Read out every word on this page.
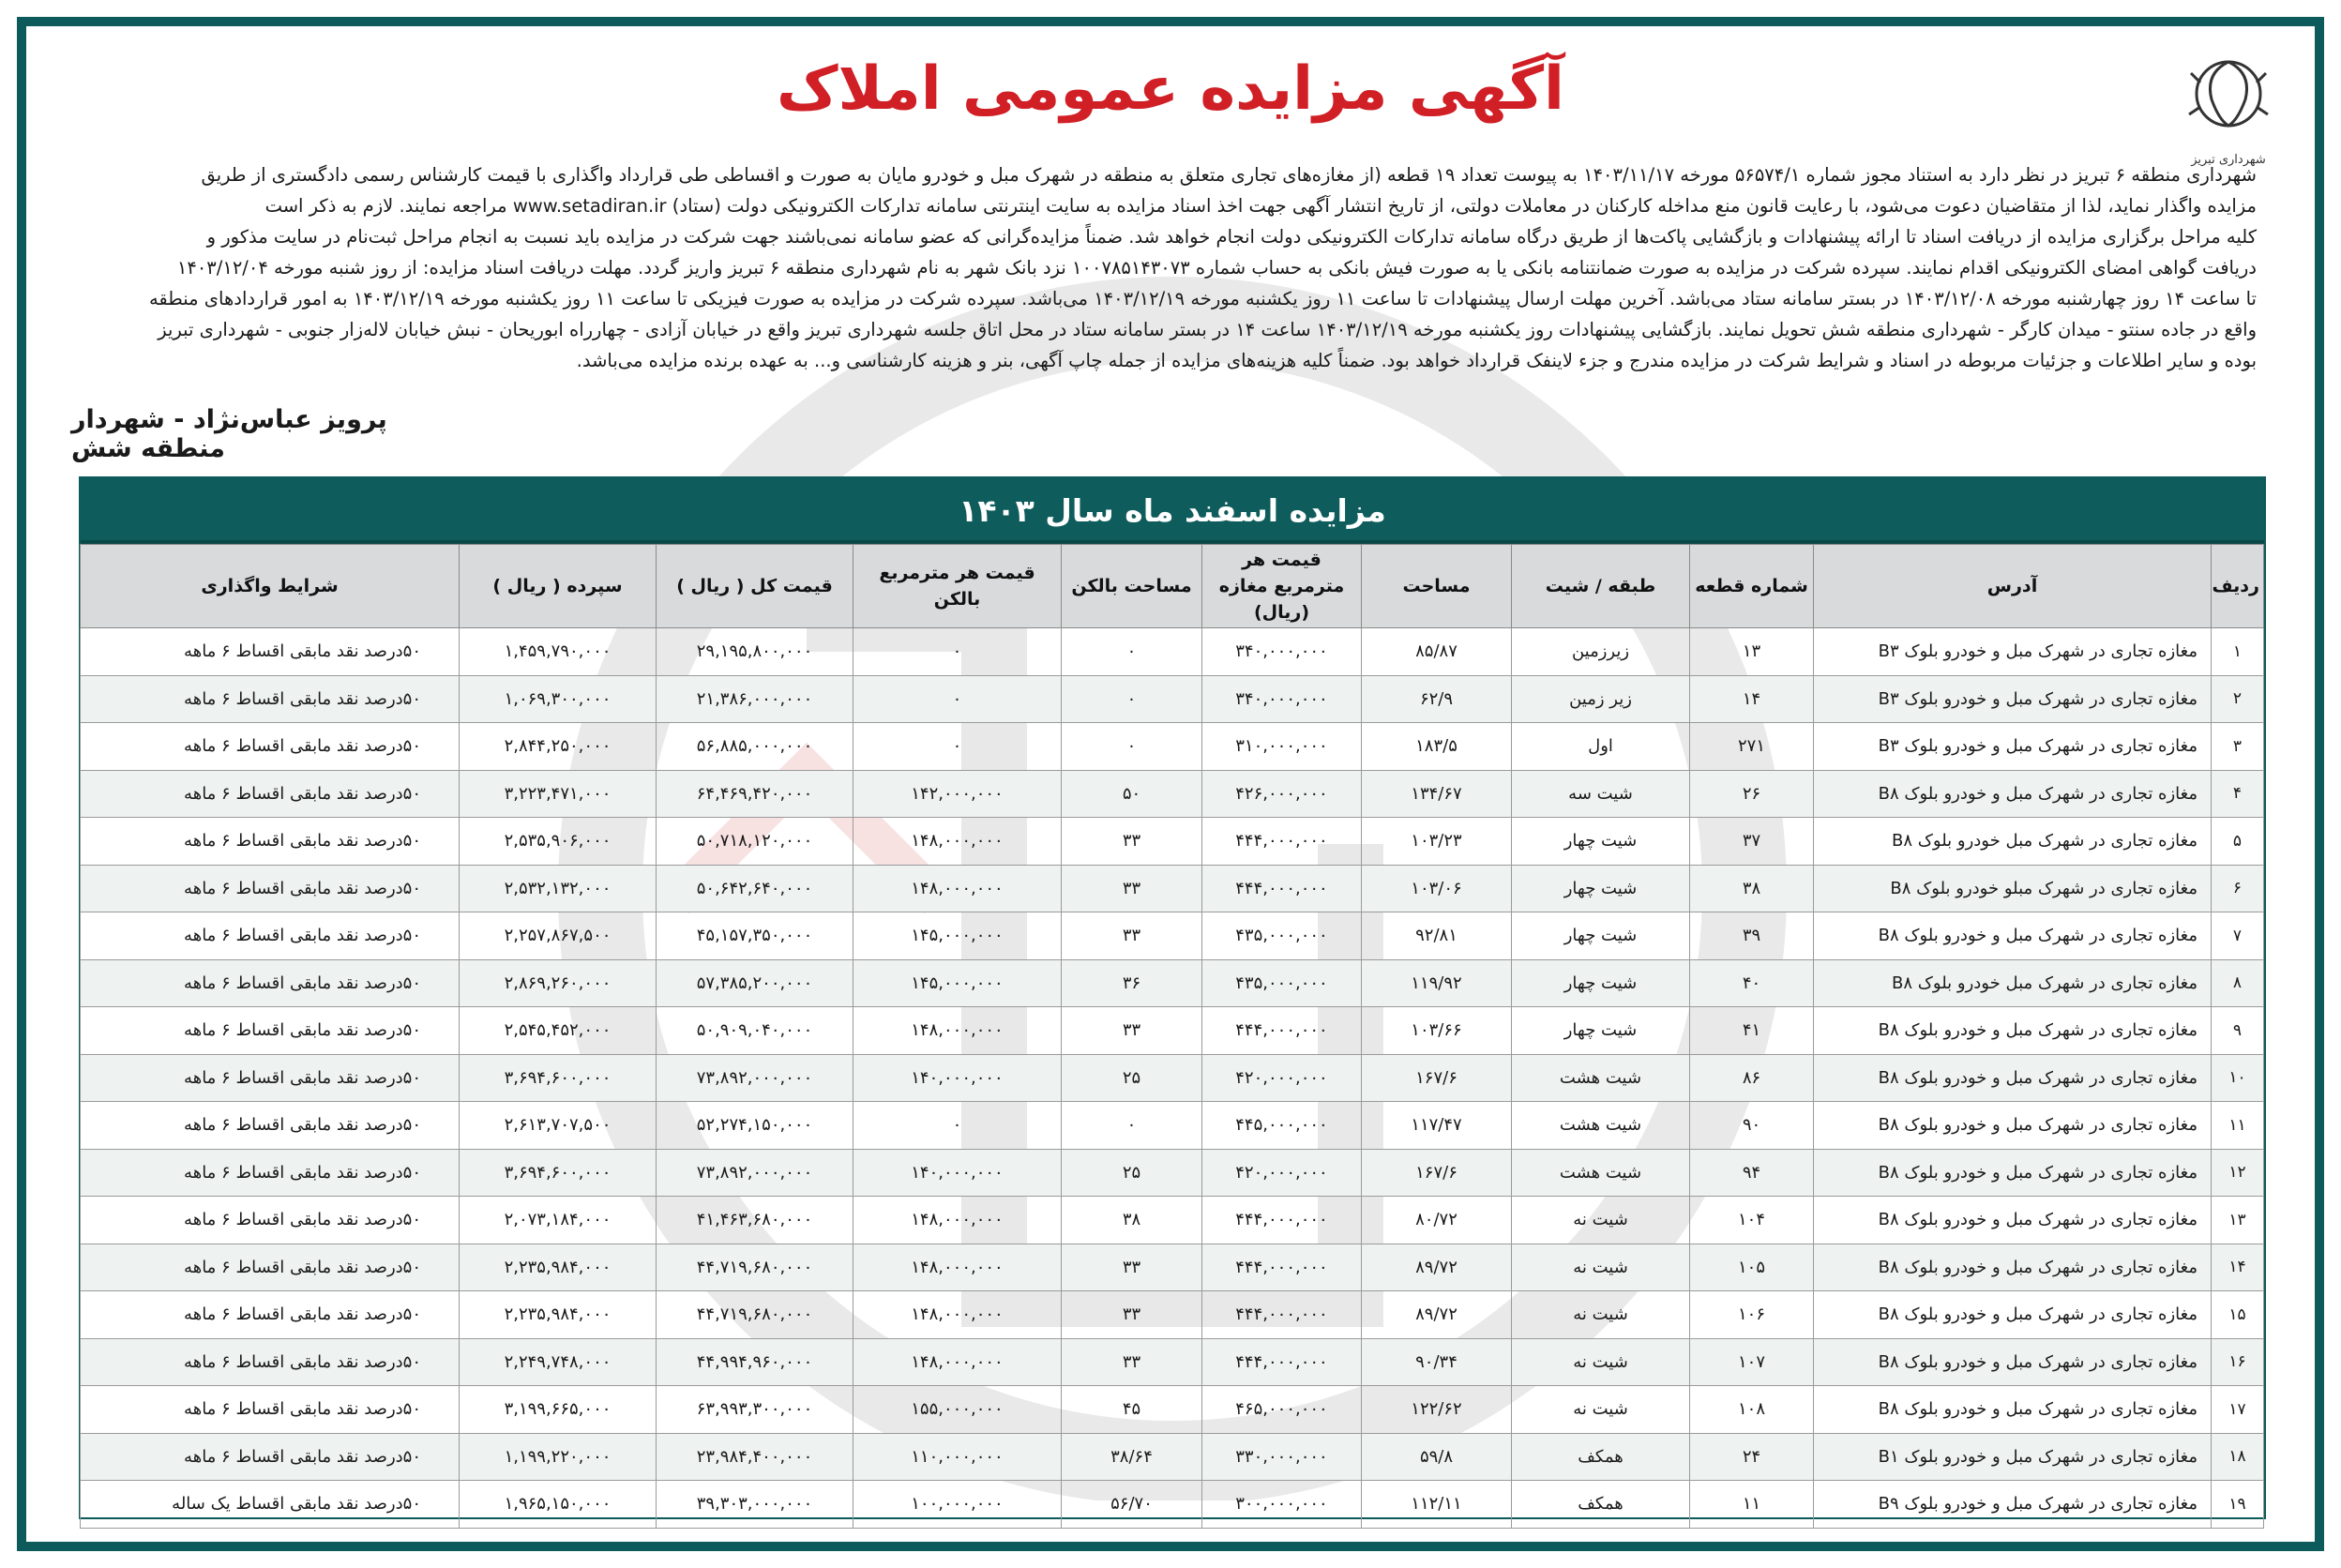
شهرداری تبریز
آگهی مزایده عمومی املاک
شهرداری منطقه ۶ تبریز در نظر دارد به استناد مجوز شماره ۵۶۵۷۴/۱ مورخه ۱۴۰۳/۱۱/۱۷ به پیوست تعداد ۱۹ قطعه (از مغازه‌های تجاری متعلق به منطقه در شهرک مبل و خودرو مایان به صورت و اقساطی طی قرارداد واگذاری با قیمت کارشناس رسمی دادگستری از طریق
مزایده واگذار نماید، لذا از متقاضیان دعوت می‌شود، با رعایت قانون منع مداخله کارکنان در معاملات دولتی، از تاریخ انتشار آگهی جهت اخذ اسناد مزایده به سایت اینترنتی سامانه تدارکات الکترونیکی دولت (ستاد) www.setadiran.ir مراجعه نمایند. لازم به ذکر است
کلیه مراحل برگزاری مزایده از دریافت اسناد تا ارائه پیشنهادات و بازگشایی پاکت‌ها از طریق درگاه سامانه تدارکات الکترونیکی دولت انجام خواهد شد. ضمناً مزایده‌گرانی که عضو سامانه نمی‌باشند جهت شرکت در مزایده باید نسبت به انجام مراحل ثبت‌نام در سایت مذکور و
دریافت گواهی امضای الکترونیکی اقدام نمایند. سپرده شرکت در مزایده به صورت ضمانتنامه بانکی یا به صورت فیش بانکی به حساب شماره ۱۰۰۷۸۵۱۴۳۰۷۳ نزد بانک شهر به نام شهرداری منطقه ۶ تبریز واریز گردد. مهلت دریافت اسناد مزایده: از روز شنبه مورخه ۱۴۰۳/۱۲/۰۴
تا ساعت ۱۴ روز چهارشنبه مورخه ۱۴۰۳/۱۲/۰۸ در بستر سامانه ستاد می‌باشد. آخرین مهلت ارسال پیشنهادات تا ساعت ۱۱ روز یکشنبه مورخه ۱۴۰۳/۱۲/۱۹ می‌باشد. سپرده شرکت در مزایده به صورت فیزیکی تا ساعت ۱۱ روز یکشنبه مورخه ۱۴۰۳/۱۲/۱۹ به امور قراردادهای منطقه
واقع در جاده سنتو - میدان کارگر - شهرداری منطقه شش تحویل نمایند. بازگشایی پیشنهادات روز یکشنبه مورخه ۱۴۰۳/۱۲/۱۹ ساعت ۱۴ در بستر سامانه ستاد در محل اتاق جلسه شهرداری تبریز واقع در خیابان آزادی - چهارراه ابوریحان - نبش خیابان لاله‌زار جنوبی - شهرداری تبریز
بوده و سایر اطلاعات و جزئیات مربوطه در اسناد و شرایط شرکت در مزایده مندرج و جزء لاینفک قرارداد خواهد بود. ضمناً کلیه هزینه‌های مزایده از جمله چاپ آگهی، بنر و هزینه کارشناسی و... به عهده برنده مزایده می‌باشد.
پرویز عباس‌نژاد - شهردار منطقه شش
مزایده اسفند ماه سال ۱۴۰۳
ردیف	آدرس	شماره قطعه	طبقه / شیت	مساحت	قیمت هر مترمربع مغازه (ریال)	مساحت بالکن	قیمت هر مترمربع بالکن	قیمت کل ( ریال )	سپرده ( ریال )	شرایط واگذاری
۱	مغازه تجاری در شهرک مبل و خودرو بلوک B۳	۱۳	زیرزمین	۸۵/۸۷	۳۴۰,۰۰۰,۰۰۰	۰	۰	۲۹,۱۹۵,۸۰۰,۰۰۰	۱,۴۵۹,۷۹۰,۰۰۰	۵۰درصد نقد مابقی اقساط ۶ ماهه
۲	مغازه تجاری در شهرک مبل و خودرو بلوک B۳	۱۴	زیر زمین	۶۲/۹	۳۴۰,۰۰۰,۰۰۰	۰	۰	۲۱,۳۸۶,۰۰۰,۰۰۰	۱,۰۶۹,۳۰۰,۰۰۰	۵۰درصد نقد مابقی اقساط ۶ ماهه
۳	مغازه تجاری در شهرک مبل و خودرو بلوک B۳	۲۷۱	اول	۱۸۳/۵	۳۱۰,۰۰۰,۰۰۰	۰	۰	۵۶,۸۸۵,۰۰۰,۰۰۰	۲,۸۴۴,۲۵۰,۰۰۰	۵۰درصد نقد مابقی اقساط ۶ ماهه
۴	مغازه تجاری در شهرک مبل و خودرو بلوک B۸	۲۶	شیت سه	۱۳۴/۶۷	۴۲۶,۰۰۰,۰۰۰	۵۰	۱۴۲,۰۰۰,۰۰۰	۶۴,۴۶۹,۴۲۰,۰۰۰	۳,۲۲۳,۴۷۱,۰۰۰	۵۰درصد نقد مابقی اقساط ۶ ماهه
۵	مغازه تجاری در شهرک مبل خودرو بلوک B۸	۳۷	شیت چهار	۱۰۳/۲۳	۴۴۴,۰۰۰,۰۰۰	۳۳	۱۴۸,۰۰۰,۰۰۰	۵۰,۷۱۸,۱۲۰,۰۰۰	۲,۵۳۵,۹۰۶,۰۰۰	۵۰درصد نقد مابقی اقساط ۶ ماهه
۶	مغازه تجاری در شهرک مبلو خودرو بلوک B۸	۳۸	شیت چهار	۱۰۳/۰۶	۴۴۴,۰۰۰,۰۰۰	۳۳	۱۴۸,۰۰۰,۰۰۰	۵۰,۶۴۲,۶۴۰,۰۰۰	۲,۵۳۲,۱۳۲,۰۰۰	۵۰درصد نقد مابقی اقساط ۶ ماهه
۷	مغازه تجاری در شهرک مبل و خودرو بلوک B۸	۳۹	شیت چهار	۹۲/۸۱	۴۳۵,۰۰۰,۰۰۰	۳۳	۱۴۵,۰۰۰,۰۰۰	۴۵,۱۵۷,۳۵۰,۰۰۰	۲,۲۵۷,۸۶۷,۵۰۰	۵۰درصد نقد مابقی اقساط ۶ ماهه
۸	مغازه تجاری در شهرک مبل خودرو بلوک B۸	۴۰	شیت چهار	۱۱۹/۹۲	۴۳۵,۰۰۰,۰۰۰	۳۶	۱۴۵,۰۰۰,۰۰۰	۵۷,۳۸۵,۲۰۰,۰۰۰	۲,۸۶۹,۲۶۰,۰۰۰	۵۰درصد نقد مابقی اقساط ۶ ماهه
۹	مغازه تجاری در شهرک مبل و خودرو بلوک B۸	۴۱	شیت چهار	۱۰۳/۶۶	۴۴۴,۰۰۰,۰۰۰	۳۳	۱۴۸,۰۰۰,۰۰۰	۵۰,۹۰۹,۰۴۰,۰۰۰	۲,۵۴۵,۴۵۲,۰۰۰	۵۰درصد نقد مابقی اقساط ۶ ماهه
۱۰	مغازه تجاری در شهرک مبل و خودرو بلوک B۸	۸۶	شیت هشت	۱۶۷/۶	۴۲۰,۰۰۰,۰۰۰	۲۵	۱۴۰,۰۰۰,۰۰۰	۷۳,۸۹۲,۰۰۰,۰۰۰	۳,۶۹۴,۶۰۰,۰۰۰	۵۰درصد نقد مابقی اقساط ۶ ماهه
۱۱	مغازه تجاری در شهرک مبل و خودرو بلوک B۸	۹۰	شیت هشت	۱۱۷/۴۷	۴۴۵,۰۰۰,۰۰۰	۰	۰	۵۲,۲۷۴,۱۵۰,۰۰۰	۲,۶۱۳,۷۰۷,۵۰۰	۵۰درصد نقد مابقی اقساط ۶ ماهه
۱۲	مغازه تجاری در شهرک مبل و خودرو بلوک B۸	۹۴	شیت هشت	۱۶۷/۶	۴۲۰,۰۰۰,۰۰۰	۲۵	۱۴۰,۰۰۰,۰۰۰	۷۳,۸۹۲,۰۰۰,۰۰۰	۳,۶۹۴,۶۰۰,۰۰۰	۵۰درصد نقد مابقی اقساط ۶ ماهه
۱۳	مغازه تجاری در شهرک مبل و خودرو بلوک B۸	۱۰۴	شیت نه	۸۰/۷۲	۴۴۴,۰۰۰,۰۰۰	۳۸	۱۴۸,۰۰۰,۰۰۰	۴۱,۴۶۳,۶۸۰,۰۰۰	۲,۰۷۳,۱۸۴,۰۰۰	۵۰درصد نقد مابقی اقساط ۶ ماهه
۱۴	مغازه تجاری در شهرک مبل و خودرو بلوک B۸	۱۰۵	شیت نه	۸۹/۷۲	۴۴۴,۰۰۰,۰۰۰	۳۳	۱۴۸,۰۰۰,۰۰۰	۴۴,۷۱۹,۶۸۰,۰۰۰	۲,۲۳۵,۹۸۴,۰۰۰	۵۰درصد نقد مابقی اقساط ۶ ماهه
۱۵	مغازه تجاری در شهرک مبل و خودرو بلوک B۸	۱۰۶	شیت نه	۸۹/۷۲	۴۴۴,۰۰۰,۰۰۰	۳۳	۱۴۸,۰۰۰,۰۰۰	۴۴,۷۱۹,۶۸۰,۰۰۰	۲,۲۳۵,۹۸۴,۰۰۰	۵۰درصد نقد مابقی اقساط ۶ ماهه
۱۶	مغازه تجاری در شهرک مبل و خودرو بلوک B۸	۱۰۷	شیت نه	۹۰/۳۴	۴۴۴,۰۰۰,۰۰۰	۳۳	۱۴۸,۰۰۰,۰۰۰	۴۴,۹۹۴,۹۶۰,۰۰۰	۲,۲۴۹,۷۴۸,۰۰۰	۵۰درصد نقد مابقی اقساط ۶ ماهه
۱۷	مغازه تجاری در شهرک مبل و خودرو بلوک B۸	۱۰۸	شیت نه	۱۲۲/۶۲	۴۶۵,۰۰۰,۰۰۰	۴۵	۱۵۵,۰۰۰,۰۰۰	۶۳,۹۹۳,۳۰۰,۰۰۰	۳,۱۹۹,۶۶۵,۰۰۰	۵۰درصد نقد مابقی اقساط ۶ ماهه
۱۸	مغازه تجاری در شهرک مبل و خودرو بلوک B۱	۲۴	همکف	۵۹/۸	۳۳۰,۰۰۰,۰۰۰	۳۸/۶۴	۱۱۰,۰۰۰,۰۰۰	۲۳,۹۸۴,۴۰۰,۰۰۰	۱,۱۹۹,۲۲۰,۰۰۰	۵۰درصد نقد مابقی اقساط ۶ ماهه
۱۹	مغازه تجاری در شهرک مبل و خودرو بلوک B۹	۱۱	همکف	۱۱۲/۱۱	۳۰۰,۰۰۰,۰۰۰	۵۶/۷۰	۱۰۰,۰۰۰,۰۰۰	۳۹,۳۰۳,۰۰۰,۰۰۰	۱,۹۶۵,۱۵۰,۰۰۰	۵۰درصد نقد مابقی اقساط یک ساله
